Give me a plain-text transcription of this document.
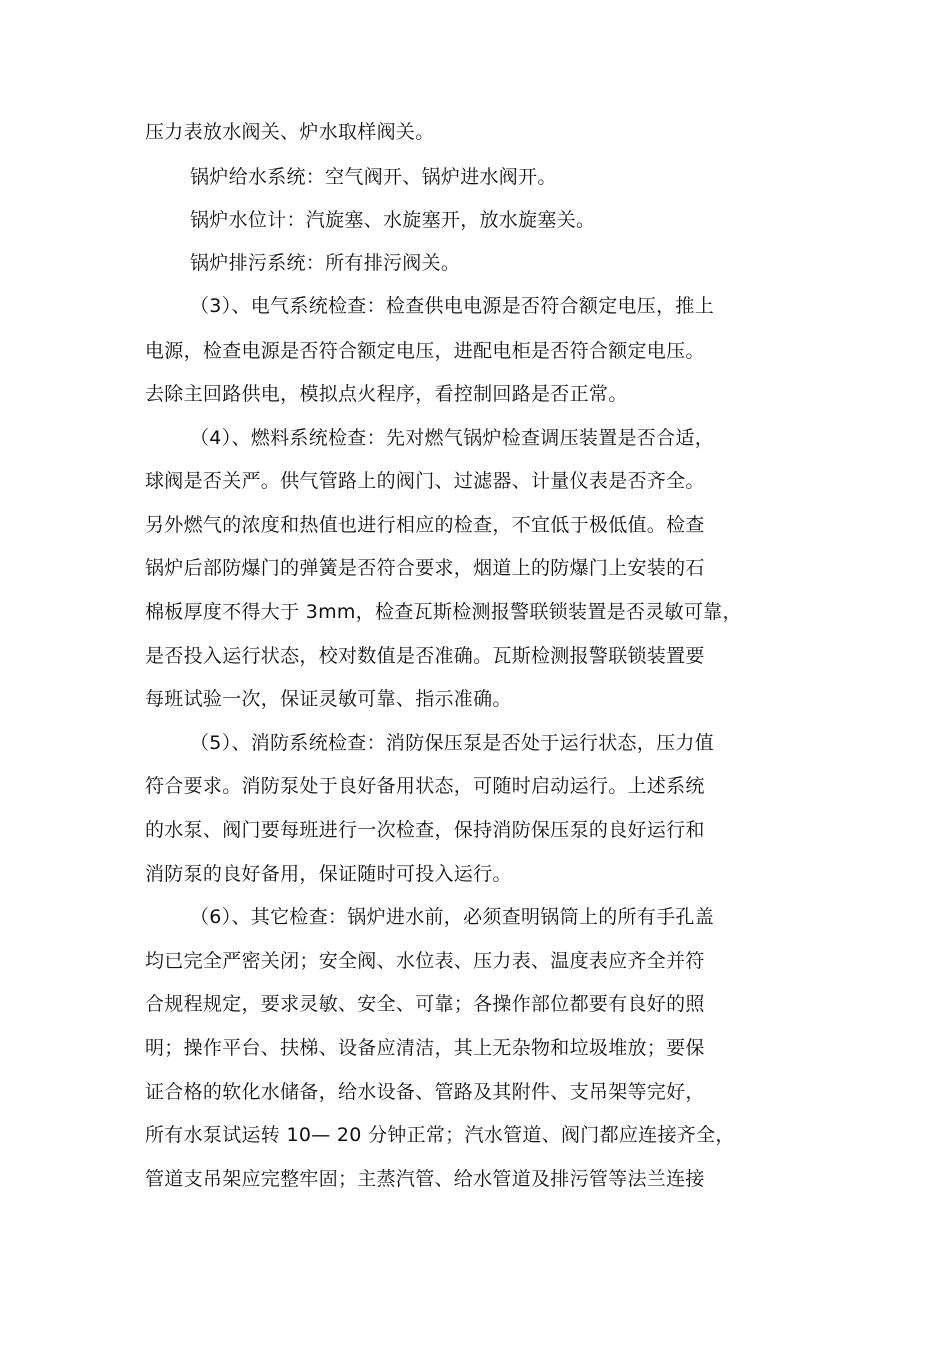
压力表放水阀关、炉水取样阀关。
锅炉给水系统：空气阀开、锅炉进水阀开。
锅炉水位计：汽旋塞、水旋塞开，放水旋塞关。
锅炉排污系统：所有排污阀关。
（3）、电气系统检查：检查供电电源是否符合额定电压，推上
电源，检查电源是否符合额定电压，进配电柜是否符合额定电压。
去除主回路供电，模拟点火程序，看控制回路是否正常。
（4）、燃料系统检查：先对燃气锅炉检查调压装置是否合适，
球阀是否关严。供气管路上的阀门、过滤器、计量仪表是否齐全。
另外燃气的浓度和热值也进行相应的检查，不宜低于极低值。检查
锅炉后部防爆门的弹簧是否符合要求，烟道上的防爆门上安装的石
棉板厚度不得大于 3mm，检查瓦斯检测报警联锁装置是否灵敏可靠，
是否投入运行状态，校对数值是否准确。瓦斯检测报警联锁装置要
每班试验一次，保证灵敏可靠、指示准确。
（5）、消防系统检查：消防保压泵是否处于运行状态，压力值
符合要求。消防泵处于良好备用状态，可随时启动运行。上述系统
的水泵、阀门要每班进行一次检查，保持消防保压泵的良好运行和
消防泵的良好备用，保证随时可投入运行。
（6）、其它检查：锅炉进水前，必须查明锅筒上的所有手孔盖
均已完全严密关闭；安全阀、水位表、压力表、温度表应齐全并符
合规程规定，要求灵敏、安全、可靠；各操作部位都要有良好的照
明；操作平台、扶梯、设备应清洁，其上无杂物和垃圾堆放；要保
证合格的软化水储备，给水设备、管路及其附件、支吊架等完好，
所有水泵试运转 10— 20 分钟正常；汽水管道、阀门都应连接齐全，
管道支吊架应完整牢固；主蒸汽管、给水管道及排污管等法兰连接
